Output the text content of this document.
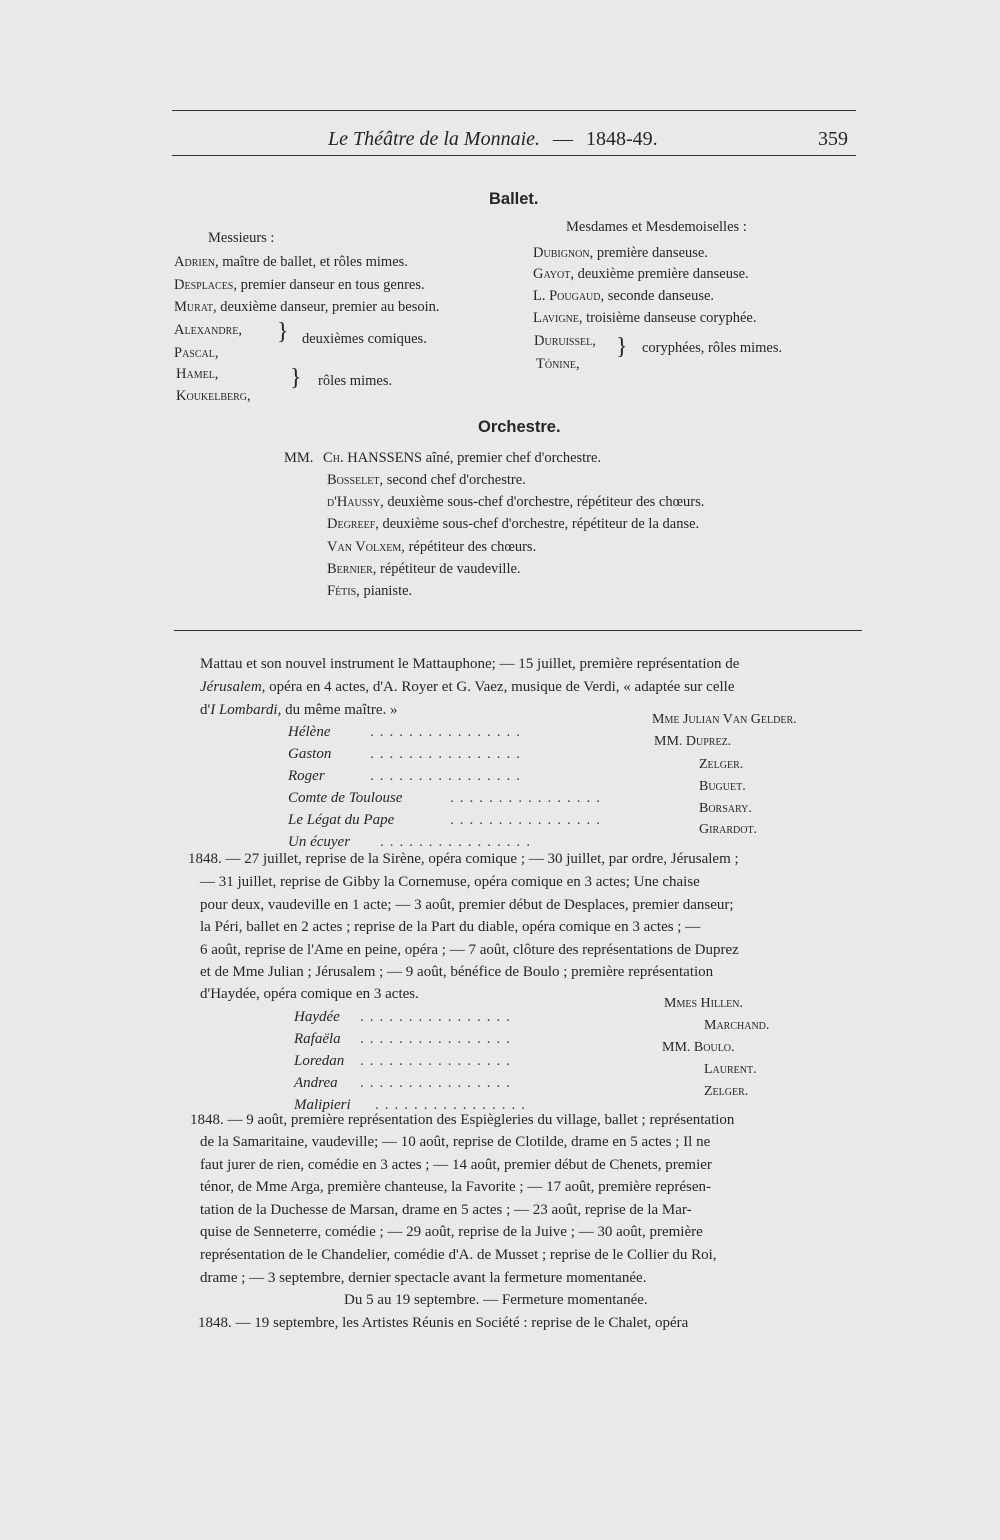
Le Théâtre de la Monnaie. — 1848-49.	359
Ballet.
Messieurs :
Mesdames et Mesdemoiselles :
Adrien, maître de ballet, et rôles mimes.
Desplaces, premier danseur en tous genres.
Murat, deuxième danseur, premier au besoin.
Alexandre,
Pascal,
} deuxièmes comiques.
Hamel,
Koukelberg,
} rôles mimes.
Dubignon, première danseuse.
Gayot, deuxième première danseuse.
L. Pougaud, seconde danseuse.
Lavigne, troisième danseuse coryphée.
Duruissel,
Tónine,
} coryphées, rôles mimes.
Orchestre.
MM. Ch. HANSSENS aîné, premier chef d'orchestre.
Bosselet, second chef d'orchestre.
d'Haussy, deuxième sous-chef d'orchestre, répétiteur des chœurs.
Degreef, deuxième sous-chef d'orchestre, répétiteur de la danse.
Van Volxem, répétiteur des chœurs.
Bernier, répétiteur de vaudeville.
Fétis, pianiste.
Mattau et son nouvel instrument le Mattauphone; — 15 juillet, première représentation de
Jérusalem, opéra en 4 actes, d'A. Royer et G. Vaez, musique de Verdi, « adaptée sur celle
d'I Lombardi, du même maître. »
Hélène
Gaston
Roger
Comte de Toulouse
Le Légat du Pape
Un écuyer
................
................
................
................
................
................
Mme Julian Van Gelder.
MM. Duprez.
Zelger.
Buguet.
Borsary.
Girardot.
1848. — 27 juillet, reprise de la Sirène, opéra comique ; — 30 juillet, par ordre, Jérusalem ;
— 31 juillet, reprise de Gibby la Cornemuse, opéra comique en 3 actes; Une chaise
pour deux, vaudeville en 1 acte; — 3 août, premier début de Desplaces, premier danseur;
la Péri, ballet en 2 actes ; reprise de la Part du diable, opéra comique en 3 actes ; —
6 août, reprise de l'Ame en peine, opéra ; — 7 août, clôture des représentations de Duprez
et de Mme Julian ; Jérusalem ; — 9 août, bénéfice de Boulo ; première représentation
d'Haydée, opéra comique en 3 actes.
Haydée
Rafaëla
Loredan
Andrea
Malipieri
................
................
................
................
................
Mmes Hillen.
Marchand.
MM. Boulo.
Laurent.
Zelger.
1848. — 9 août, première représentation des Espiègleries du village, ballet ; représentation
de la Samaritaine, vaudeville; — 10 août, reprise de Clotilde, drame en 5 actes ; Il ne
faut jurer de rien, comédie en 3 actes ; — 14 août, premier début de Chenets, premier
ténor, de Mme Arga, première chanteuse, la Favorite ; — 17 août, première représen-
tation de la Duchesse de Marsan, drame en 5 actes ; — 23 août, reprise de la Mar-
quise de Senneterre, comédie ; — 29 août, reprise de la Juive ; — 30 août, première
représentation de le Chandelier, comédie d'A. de Musset ; reprise de le Collier du Roi,
drame ; — 3 septembre, dernier spectacle avant la fermeture momentanée.
Du 5 au 19 septembre. — Fermeture momentanée.
1848. — 19 septembre, les Artistes Réunis en Société : reprise de le Chalet, opéra
